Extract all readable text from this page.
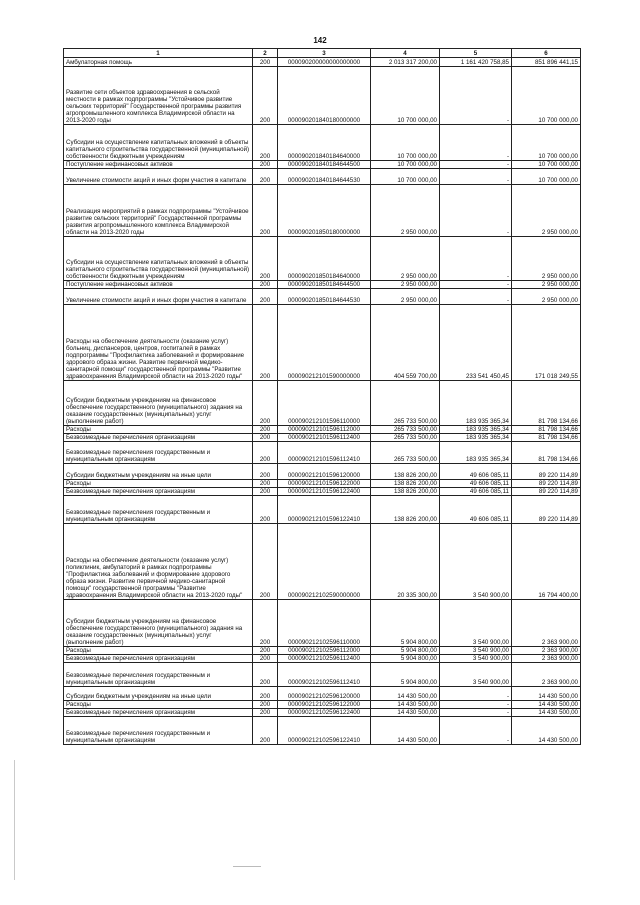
142
1	2	3	4	5	6
Амбулаторная помощь	200	000090200000000000000	2 013 317 200,00	1 161 420 758,85	851 896 441,15
Развитие сети объектов здравоохранения в сельской местности в рамках подпрограммы "Устойчивое развитие сельских территорий" Государственной программы развития агропромышленного комплекса Владимирской области на 2013-2020 годы	200	000090201840180000000	10 700 000,00	-	10 700 000,00

Субсидии на осуществление капитальных вложений в объекты капитального строительства государственной (муниципальной) собственности бюджетным учреждениям	200	000090201840184640000	10 700 000,00	-	10 700 000,00
Поступление нефинансовых активов	200	000090201840184644500	10 700 000,00	-	10 700 000,00
Увеличение стоимости акций и иных форм участия в капитале	200	000090201840184644530	10 700 000,00	-	10 700 000,00

Реализация мероприятий в рамках подпрограммы "Устойчивое развитие сельских территорий" Государственной программы развития агропромышленного комплекса Владимирской области на 2013-2020 годы	200	000090201850180000000	2 950 000,00	-	2 950 000,00

Субсидии на осуществление капитальных вложений в объекты капитального строительства государственной (муниципальной) собственности бюджетным учреждениям	200	000090201850184640000	2 950 000,00	-	2 950 000,00
Поступление нефинансовых активов	200	000090201850184644500	2 950 000,00	-	2 950 000,00
Увеличение стоимости акций и иных форм участия в капитале	200	000090201850184644530	2 950 000,00	-	2 950 000,00
Расходы на обеспечение деятельности (оказание услуг) больниц, диспансеров, центров, госпиталей в рамках подпрограммы "Профилактика заболеваний и формирование здорового образа жизни. Развитие первичной медико-санитарной помощи" государственной программы "Развитие здравоохранения Владимирской области на 2013-2020 годы"	200	000090212101590000000	404 559 700,00	233 541 450,45	171 018 249,55
Субсидии бюджетным учреждениям на финансовое обеспечение государственного (муниципального) задания на оказание государственных (муниципальных) услуг (выполнение работ)	200	000090212101596110000	265 733 500,00	183 935 365,34	81 798 134,66
Расходы	200	000090212101596112000	265 733 500,00	183 935 365,34	81 798 134,66
Безвозмездные перечисления организациям	200	000090212101596112400	265 733 500,00	183 935 365,34	81 798 134,66

Безвозмездные перечисления государственным и муниципальным организациям	200	000090212101596112410	265 733 500,00	183 935 365,34	81 798 134,66
Субсидии бюджетным учреждениям на иные цели	200	000090212101596120000	138 826 200,00	49 606 085,11	89 220 114,89
Расходы	200	000090212101596122000	138 826 200,00	49 606 085,11	89 220 114,89
Безвозмездные перечисления организациям	200	000090212101596122400	138 826 200,00	49 606 085,11	89 220 114,89

Безвозмездные перечисления государственным и муниципальным организациям	200	000090212101596122410	138 826 200,00	49 606 085,11	89 220 114,89
Расходы на обеспечение деятельности (оказание услуг) поликлиник, амбулаторий в рамках подпрограммы "Профилактика заболеваний и формирование здорового образа жизни. Развитие первичной медико-санитарной помощи" государственной программы "Развитие здравоохранения Владимирской области на 2013-2020 годы"	200	000090212102590000000	20 335 300,00	3 540 900,00	16 794 400,00
Субсидии бюджетным учреждениям на финансовое обеспечение государственного (муниципального) задания на оказание государственных (муниципальных) услуг (выполнение работ)	200	000090212102596110000	5 904 800,00	3 540 900,00	2 363 900,00
Расходы	200	000090212102596112000	5 904 800,00	3 540 900,00	2 363 900,00
Безвозмездные перечисления организациям	200	000090212102596112400	5 904 800,00	3 540 900,00	2 363 900,00

Безвозмездные перечисления государственным и муниципальным организациям	200	000090212102596112410	5 904 800,00	3 540 900,00	2 363 900,00
Субсидии бюджетным учреждениям на иные цели	200	000090212102596120000	14 430 500,00	-	14 430 500,00
Расходы	200	000090212102596122000	14 430 500,00	-	14 430 500,00
Безвозмездные перечисления организациям	200	000090212102596122400	14 430 500,00	-	14 430 500,00

Безвозмездные перечисления государственным и муниципальным организациям	200	000090212102596122410	14 430 500,00	-	14 430 500,00
